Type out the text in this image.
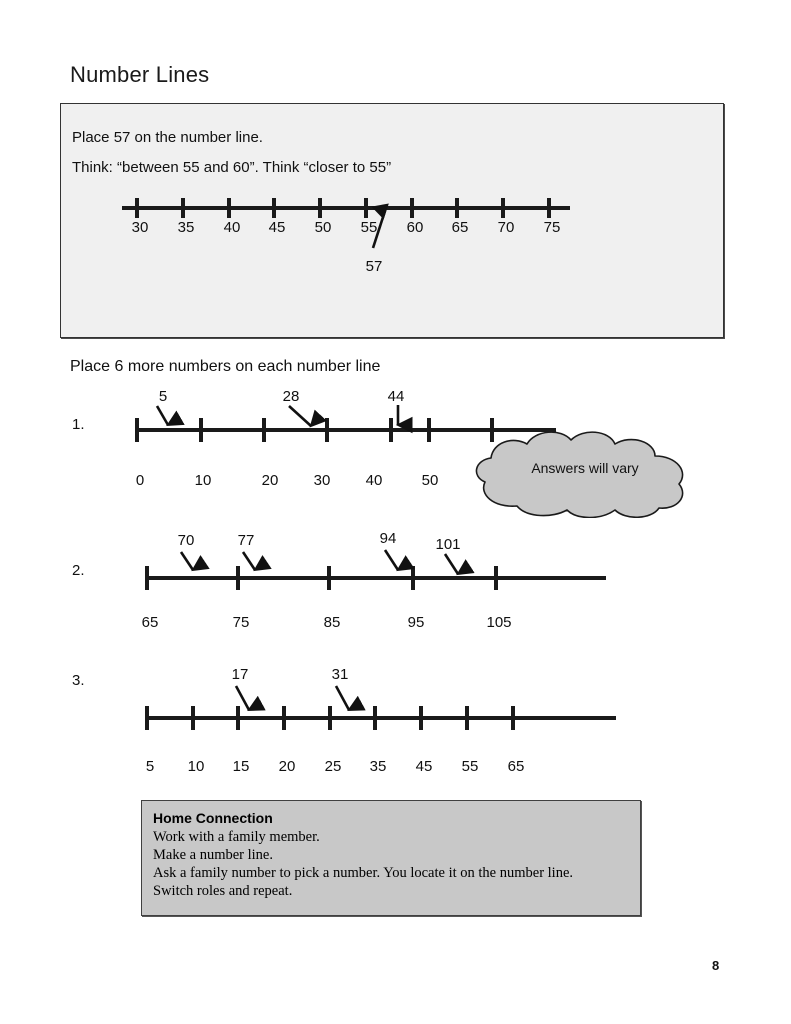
Number Lines
Place 57 on the number line.
Think: “between 55 and 60”. Think “closer to 55”
30 35 40 45 50 55 60 65 70 75
57
Place 6 more numbers on each number line
1.
0	10	20 30 40	50
5	28	44
Answers will vary
2.
65	75	85	95	105
70	77	94	101
3.
5 10 15 20 25 35 45 55 65
17	31
Home Connection
Work with a family member.
Make a number line.
Ask a family number to pick a number. You locate it on the number line.
Switch roles and repeat.
8
